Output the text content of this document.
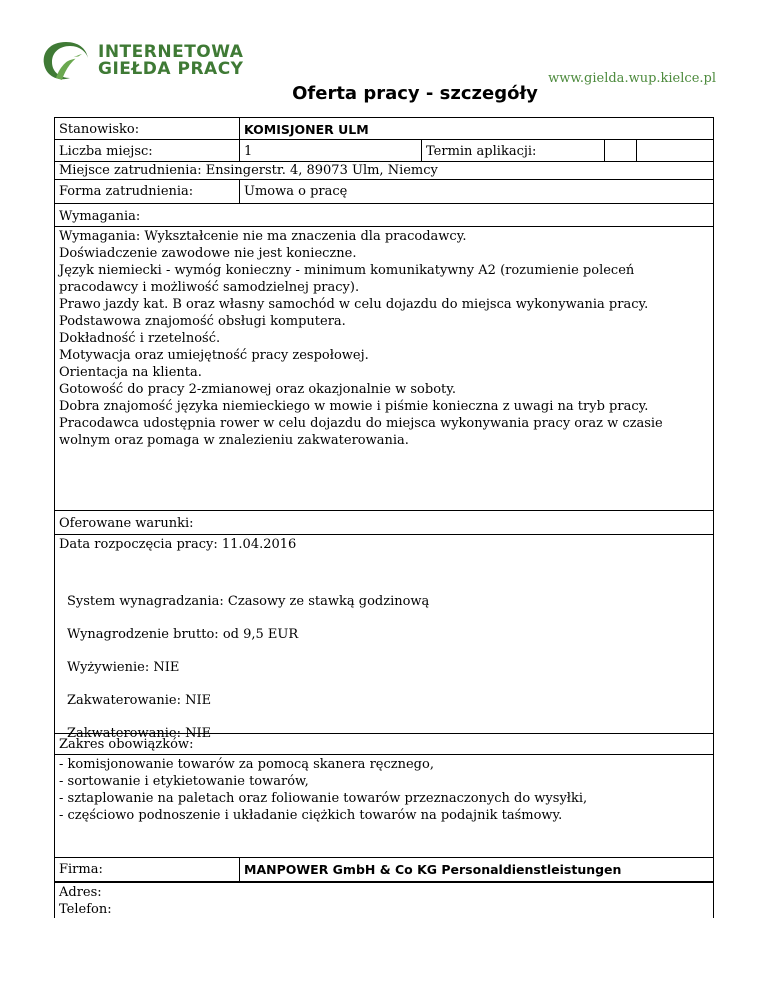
INTERNETOWA
GIEŁDA PRACY	www.gielda.wup.kielce.pl
Oferta pracy - szczegóły
Stanowisko:	KOMISJONER ULM
Liczba miejsc:	1	Termin aplikacji:
Miejsce zatrudnienia: Ensingerstr. 4, 89073 Ulm, Niemcy
Forma zatrudnienia:	Umowa o pracę
Wymagania:

Wymagania: Wykształcenie nie ma znaczenia dla pracodawcy.

Doświadczenie zawodowe nie jest konieczne.

Język niemiecki - wymóg konieczny - minimum komunikatywny A2 (rozumienie poleceń

pracodawcy i możliwość samodzielnej pracy).

Prawo jazdy kat. B oraz własny samochód w celu dojazdu do miejsca wykonywania pracy.

Podstawowa znajomość obsługi komputera.

Dokładność i rzetelność.

Motywacja oraz umiejętność pracy zespołowej.

Orientacja na klienta.

Gotowość do pracy 2-zmianowej oraz okazjonalnie w soboty.

Dobra znajomość języka niemieckiego w mowie i piśmie konieczna z uwagi na tryb pracy.

Pracodawca udostępnia rower w celu dojazdu do miejsca wykonywania pracy oraz w czasie

wolnym oraz pomaga w znalezieniu zakwaterowania.

Oferowane warunki:

Data rozpoczęcia pracy: 11.04.2016

System wynagradzania: Czasowy ze stawką godzinową

Wynagrodzenie brutto: od 9,5 EUR

Wyżywienie: NIE

Zakwaterowanie: NIE

Zakwaterowanie: NIE

Zakres obowiązków:

- komisjonowanie towarów za pomocą skanera ręcznego,

- sortowanie i etykietowanie towarów,

- sztaplowanie na paletach oraz foliowanie towarów przeznaczonych do wysyłki,

- częściowo podnoszenie i układanie ciężkich towarów na podajnik taśmowy.

Firma:	MANPOWER GmbH & Co KG Personaldienstleistungen
Adres:
Telefon:
